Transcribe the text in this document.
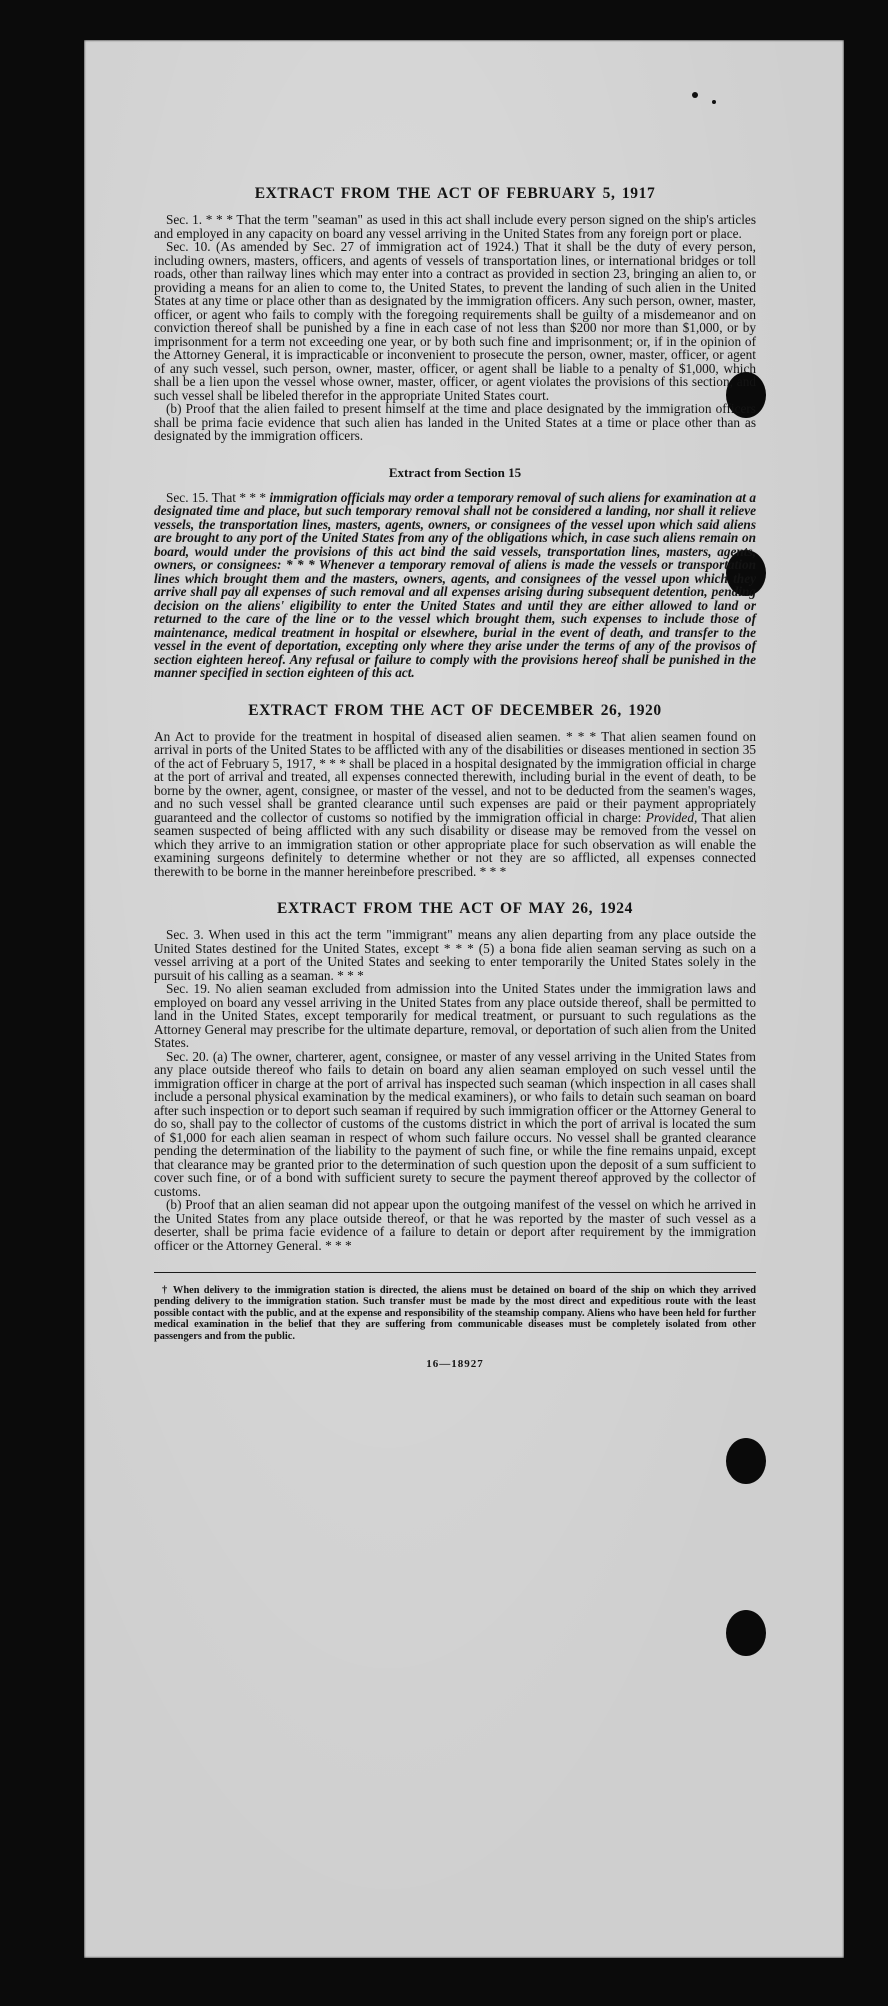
​
EXTRACT FROM THE ACT OF FEBRUARY 5, 1917

Sec. 1. * * * That the term "seaman" as used in this act shall include every person signed on the ship's articles and employed in any capacity on board any vessel arriving in the United States from any foreign port or place.

Sec. 10. (As amended by Sec. 27 of immigration act of 1924.) That it shall be the duty of every person, including owners, masters, officers, and agents of vessels of transportation lines, or international bridges or toll roads, other than railway lines which may enter into a contract as provided in section 23, bringing an alien to, or providing a means for an alien to come to, the United States, to prevent the landing of such alien in the United States at any time or place other than as designated by the immigration officers. Any such person, owner, master, officer, or agent who fails to comply with the foregoing requirements shall be guilty of a misdemeanor and on conviction thereof shall be punished by a fine in each case of not less than $200 nor more than $1,000, or by imprisonment for a term not exceeding one year, or by both such fine and imprisonment; or, if in the opinion of the Attorney General, it is impracticable or inconvenient to prosecute the person, owner, master, officer, or agent of any such vessel, such person, owner, master, officer, or agent shall be liable to a penalty of $1,000, which shall be a lien upon the vessel whose owner, master, officer, or agent violates the provisions of this section, and such vessel shall be libeled therefor in the appropriate United States court.

(b) Proof that the alien failed to present himself at the time and place designated by the immigration officers shall be prima facie evidence that such alien has landed in the United States at a time or place other than as designated by the immigration officers.

Extract from Section 15

Sec. 15. That * * * immigration officials may order a temporary removal of such aliens for examination at a designated time and place, but such temporary removal shall not be considered a landing, nor shall it relieve vessels, the transportation lines, masters, agents, owners, or consignees of the vessel upon which said aliens are brought to any port of the United States from any of the obligations which, in case such aliens remain on board, would under the provisions of this act bind the said vessels, transportation lines, masters, agents, owners, or consignees: * * * Whenever a temporary removal of aliens is made the vessels or transportation lines which brought them and the masters, owners, agents, and consignees of the vessel upon which they arrive shall pay all expenses of such removal and all expenses arising during subsequent detention, pending decision on the aliens' eligibility to enter the United States and until they are either allowed to land or returned to the care of the line or to the vessel which brought them, such expenses to include those of maintenance, medical treatment in hospital or elsewhere, burial in the event of death, and transfer to the vessel in the event of deportation, excepting only where they arise under the terms of any of the provisos of section eighteen hereof. Any refusal or failure to comply with the provisions hereof shall be punished in the manner specified in section eighteen of this act.

EXTRACT FROM THE ACT OF DECEMBER 26, 1920

An Act to provide for the treatment in hospital of diseased alien seamen. * * * That alien seamen found on arrival in ports of the United States to be afflicted with any of the disabilities or diseases mentioned in section 35 of the act of February 5, 1917, * * * shall be placed in a hospital designated by the immigration official in charge at the port of arrival and treated, all expenses connected therewith, including burial in the event of death, to be borne by the owner, agent, consignee, or master of the vessel, and not to be deducted from the seamen's wages, and no such vessel shall be granted clearance until such expenses are paid or their payment appropriately guaranteed and the collector of customs so notified by the immigration official in charge: Provided, That alien seamen suspected of being afflicted with any such disability or disease may be removed from the vessel on which they arrive to an immigration station or other appropriate place for such observation as will enable the examining surgeons definitely to determine whether or not they are so afflicted, all expenses connected therewith to be borne in the manner hereinbefore prescribed. * * *

EXTRACT FROM THE ACT OF MAY 26, 1924

Sec. 3. When used in this act the term "immigrant" means any alien departing from any place outside the United States destined for the United States, except * * * (5) a bona fide alien seaman serving as such on a vessel arriving at a port of the United States and seeking to enter temporarily the United States solely in the pursuit of his calling as a seaman. * * *

Sec. 19. No alien seaman excluded from admission into the United States under the immigration laws and employed on board any vessel arriving in the United States from any place outside thereof, shall be permitted to land in the United States, except temporarily for medical treatment, or pursuant to such regulations as the Attorney General may prescribe for the ultimate departure, removal, or deportation of such alien from the United States.

Sec. 20. (a) The owner, charterer, agent, consignee, or master of any vessel arriving in the United States from any place outside thereof who fails to detain on board any alien seaman employed on such vessel until the immigration officer in charge at the port of arrival has inspected such seaman (which inspection in all cases shall include a personal physical examination by the medical examiners), or who fails to detain such seaman on board after such inspection or to deport such seaman if required by such immigration officer or the Attorney General to do so, shall pay to the collector of customs of the customs district in which the port of arrival is located the sum of $1,000 for each alien seaman in respect of whom such failure occurs. No vessel shall be granted clearance pending the determination of the liability to the payment of such fine, or while the fine remains unpaid, except that clearance may be granted prior to the determination of such question upon the deposit of a sum sufficient to cover such fine, or of a bond with sufficient surety to secure the payment thereof approved by the collector of customs.

(b) Proof that an alien seaman did not appear upon the outgoing manifest of the vessel on which he arrived in the United States from any place outside thereof, or that he was reported by the master of such vessel as a deserter, shall be prima facie evidence of a failure to detain or deport after requirement by the immigration officer or the Attorney General. * * *

† When delivery to the immigration station is directed, the aliens must be detained on board of the ship on which they arrived pending delivery to the immigration station. Such transfer must be made by the most direct and expeditious route with the least possible contact with the public, and at the expense and responsibility of the steamship company. Aliens who have been held for further medical examination in the belief that they are suffering from communicable diseases must be completely isolated from other passengers and from the public.

16—18927
